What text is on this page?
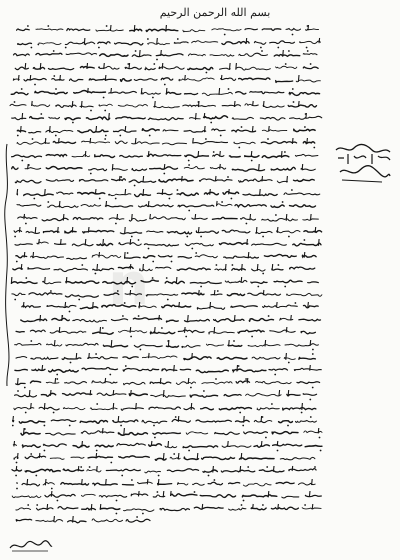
بسم الله الرحمن الرحيم
n
